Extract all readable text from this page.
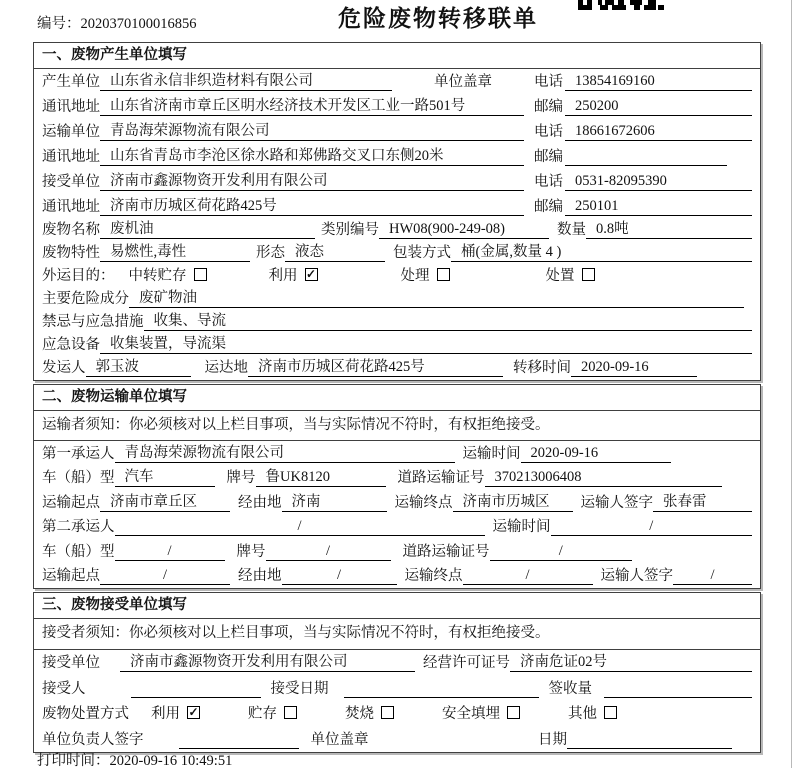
编号：2020370100016856	危险废物转移联单
一、废物产生单位填写
产生单位 山东省永信非织造材料有限公司	单位盖章	电话 13854169160
通讯地址 山东省济南市章丘区明水经济技术开发区工业一路501号	邮编 250200
运输单位 青岛海荣源物流有限公司	电话 18661672606
通讯地址 山东省青岛市李沧区徐水路和郑佛路交叉口东侧20米	邮编
接受单位 济南市鑫源物资开发利用有限公司	电话 0531-82095390
通讯地址 济南市历城区荷花路425号	邮编 250101
废物名称 废机油	类别编号 HW08(900-249-08)	数量 0.8吨
废物特性 易燃性,毒性	形态 液态	包装方式 桶(金属,数量 4 )
外运目的： 中转贮存	利用 ✓	处理	处置
主要危险成分 废矿物油
禁忌与应急措施 收集、导流
应急设备 收集装置，导流渠
发运人 郭玉波	运达地 济南市历城区荷花路425号	转移时间 2020-09-16
二、废物运输单位填写
运输者须知：你必须核对以上栏目事项，当与实际情况不符时，有权拒绝接受。
第一承运人 青岛海荣源物流有限公司	运输时间 2020-09-16
车（船）型 汽车	牌号 鲁UK8120	道路运输证号 370213006408
运输起点 济南市章丘区	经由地 济南	运输终点 济南市历城区	运输人签字 张春雷
第二承运人	/	运输时间	/
车（船）型	/	牌号	/	道路运输证号	/
运输起点	/	经由地	/	运输终点	/	运输人签字	/
三、废物接受单位填写
接受者须知：你必须核对以上栏目事项，当与实际情况不符时，有权拒绝接受。
接受单位	济南市鑫源物资开发利用有限公司	经营许可证号 济南危证02号
接受人	接受日期	签收量
废物处置方式 利用 ✓	贮存	焚烧	安全填埋	其他
单位负责人签字	单位盖章	日期
打印时间：2020-09-16 10:49:51
